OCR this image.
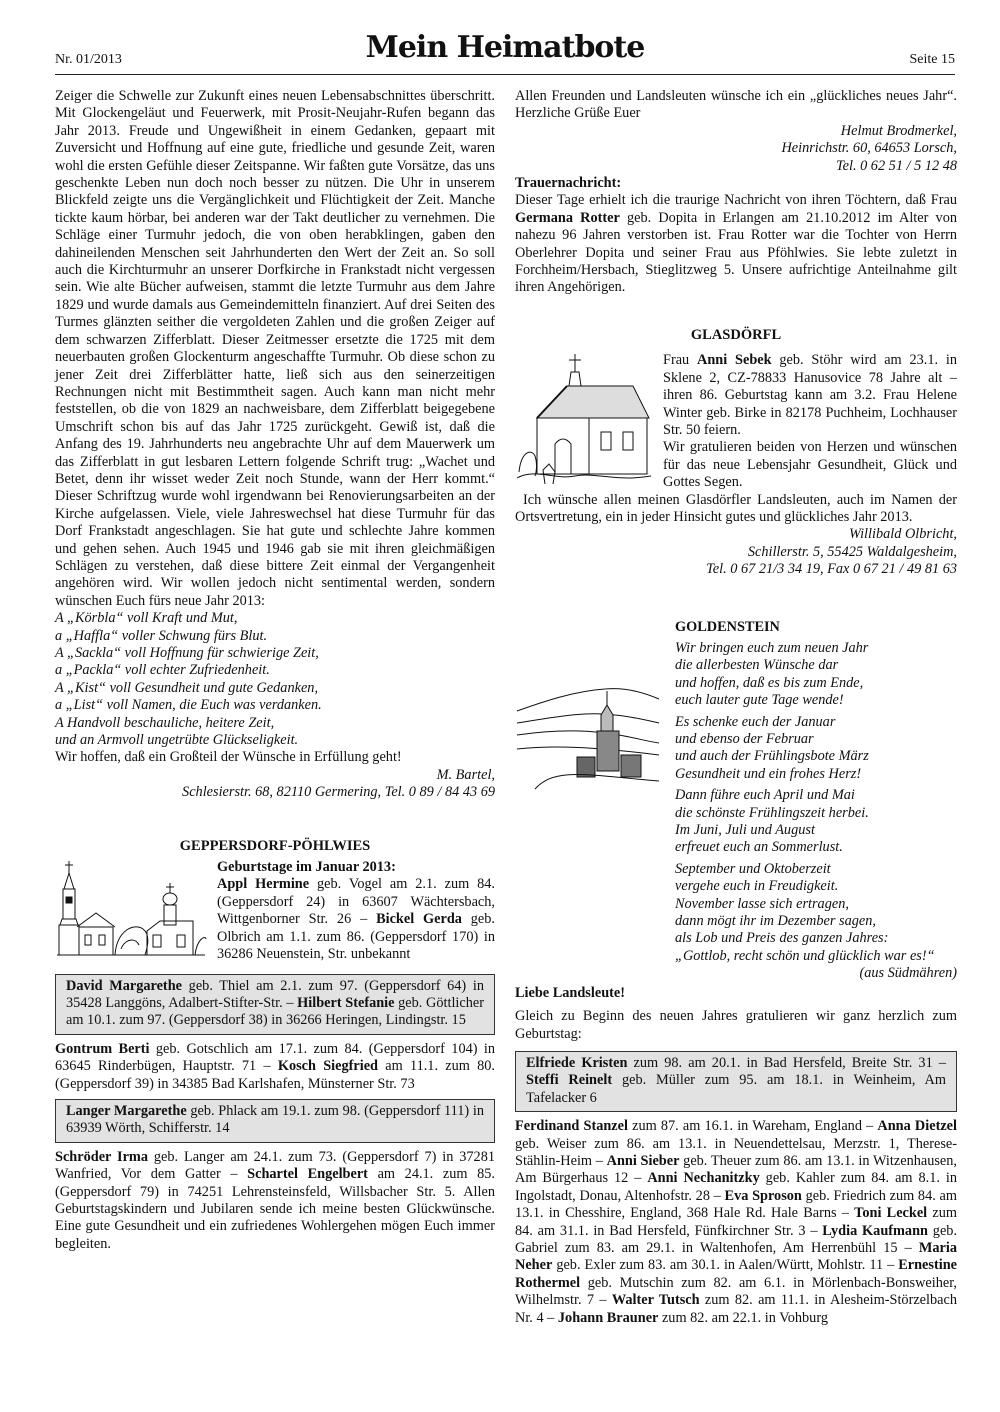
Nr. 01/2013	Mein Heimatbote	Seite 15

Zeiger die Schwelle zur Zukunft eines neuen Lebensabschnittes überschritt. Mit Glockengeläut und Feuerwerk, mit Prosit-Neujahr-Rufen begann das Jahr 2013. Freude und Ungewißheit in einem Gedanken, gepaart mit Zuversicht und Hoffnung auf eine gute, friedliche und gesunde Zeit, waren wohl die ersten Gefühle dieser Zeitspanne. Wir faßten gute Vorsätze, das uns geschenkte Leben nun doch noch besser zu nützen. Die Uhr in unserem Blickfeld zeigte uns die Vergänglichkeit und Flüchtigkeit der Zeit. Manche tickte kaum hörbar, bei anderen war der Takt deutlicher zu vernehmen. Die Schläge einer Turmuhr jedoch, die von oben herabklingen, gaben den dahineilenden Menschen seit Jahrhunderten den Wert der Zeit an. So soll auch die Kirchturmuhr an unserer Dorfkirche in Frankstadt nicht vergessen sein. Wie alte Bücher aufweisen, stammt die letzte Turmuhr aus dem Jahre 1829 und wurde damals aus Gemeindemitteln finanziert. Auf drei Seiten des Turmes glänzten seither die vergoldeten Zahlen und die großen Zeiger auf dem schwarzen Zifferblatt. Dieser Zeitmesser ersetzte die 1725 mit dem neuerbauten großen Glockenturm angeschaffte Turmuhr. Ob diese schon zu jener Zeit drei Zifferblätter hatte, ließ sich aus den seinerzeitigen Rechnungen nicht mit Bestimmtheit sagen. Auch kann man nicht mehr feststellen, ob die von 1829 an nachweisbare, dem Zifferblatt beigegebene Umschrift schon bis auf das Jahr 1725 zurückgeht. Gewiß ist, daß die Anfang des 19. Jahrhunderts neu angebrachte Uhr auf dem Mauerwerk um das Zifferblatt in gut lesbaren Lettern folgende Schrift trug: „Wachet und Betet, denn ihr wisset weder Zeit noch Stunde, wann der Herr kommt.“ Dieser Schriftzug wurde wohl irgendwann bei Renovierungsarbeiten an der Kirche aufgelassen. Viele, viele Jahreswechsel hat diese Turmuhr für das Dorf Frankstadt angeschlagen. Sie hat gute und schlechte Jahre kommen und gehen sehen. Auch 1945 und 1946 gab sie mit ihren gleichmäßigen Schlägen zu verstehen, daß diese bittere Zeit einmal der Vergangenheit angehören wird. Wir wollen jedoch nicht sentimental werden, sondern wünschen Euch fürs neue Jahr 2013:

A „Körbla“ voll Kraft und Mut,
a „Haffla“ voller Schwung fürs Blut.
A „Sackla“ voll Hoffnung für schwierige Zeit,
a „Packla“ voll echter Zufriedenheit.
A „Kist“ voll Gesundheit und gute Gedanken,
a „List“ voll Namen, die Euch was verdanken.
A Handvoll beschauliche, heitere Zeit,
und an Armvoll ungetrübte Glückseligkeit.

Wir hoffen, daß ein Großteil der Wünsche in Erfüllung geht!

M. Bartel,
Schlesierstr. 68, 82110 Germering, Tel. 0 89 / 84 43 69
GEPPERSDORF-PÖHLWIES
Geburtstage im Januar 2013:

Appl Hermine geb. Vogel am 2.1. zum 84. (Geppersdorf 24) in 63607 Wächtersbach, Wittgenborner Str. 26 – Bickel Gerda geb. Olbrich am 1.1. zum 86. (Geppersdorf 170) in 36286 Neuenstein, Str. unbekannt

David Margarethe geb. Thiel am 2.1. zum 97. (Geppersdorf 64) in 35428 Langgöns, Adalbert-Stifter-Str. – Hilbert Stefanie geb. Göttlicher am 10.1. zum 97. (Geppersdorf 38) in 36266 Heringen, Lindingstr. 15

Gontrum Berti geb. Gotschlich am 17.1. zum 84. (Geppersdorf 104) in 63645 Rinderbügen, Hauptstr. 71 – Kosch Siegfried am 11.1. zum 80. (Geppersdorf 39) in 34385 Bad Karlshafen, Münsterner Str. 73

Langer Margarethe geb. Phlack am 19.1. zum 98. (Geppersdorf 111) in 63939 Wörth, Schifferstr. 14

Schröder Irma geb. Langer am 24.1. zum 73. (Geppersdorf 7) in 37281 Wanfried, Vor dem Gatter – Schartel Engelbert am 24.1. zum 85. (Geppersdorf 79) in 74251 Lehrensteinsfeld, Willsbacher Str. 5. Allen Geburtstagskindern und Jubilaren sende ich meine besten Glückwünsche. Eine gute Gesundheit und ein zufriedenes Wohlergehen mögen Euch immer begleiten.

Allen Freunden und Landsleuten wünsche ich ein „glückliches neues Jahr“. Herzliche Grüße Euer

Helmut Brodmerkel,
Heinrichstr. 60, 64653 Lorsch,
Tel. 0 62 51 / 5 12 48
Trauernachricht:

Dieser Tage erhielt ich die traurige Nachricht von ihren Töchtern, daß Frau Germana Rotter geb. Dopita in Erlangen am 21.10.2012 im Alter von nahezu 96 Jahren verstorben ist. Frau Rotter war die Tochter von Herrn Oberlehrer Dopita und seiner Frau aus Pföhlwies. Sie lebte zuletzt in Forchheim/Hersbach, Stieglitzweg 5. Unsere aufrichtige Anteilnahme gilt ihren Angehörigen.

GLASDÖRFL

Frau Anni Sebek geb. Stöhr wird am 23.1. in Sklene 2, CZ-78833 Hanusovice 78 Jahre alt – ihren 86. Geburtstag kann am 3.2. Frau Helene Winter geb. Birke in 82178 Puchheim, Lochhauser Str. 50 feiern.

Wir gratulieren beiden von Herzen und wünschen für das neue Lebensjahr Gesundheit, Glück und Gottes Segen.

Ich wünsche allen meinen Glasdörfler Landsleuten, auch im Namen der Ortsvertretung, ein in jeder Hinsicht gutes und glückliches Jahr 2013.

Willibald Olbricht,
Schillerstr. 5, 55425 Waldalgesheim,
Tel. 0 67 21/3 34 19, Fax 0 67 21 / 49 81 63
GOLDENSTEIN
Wir bringen euch zum neuen Jahr
die allerbesten Wünsche dar
und hoffen, daß es bis zum Ende,
euch lauter gute Tage wende!
Es schenke euch der Januar
und ebenso der Februar
und auch der Frühlingsbote März
Gesundheit und ein frohes Herz!
Dann führe euch April und Mai
die schönste Frühlingszeit herbei.
Im Juni, Juli und August
erfreuet euch an Sommerlust.
September und Oktoberzeit
vergehe euch in Freudigkeit.
November lasse sich ertragen,
dann mögt ihr im Dezember sagen,
als Lob und Preis des ganzen Jahres:
„Gottlob, recht schön und glücklich war es!“
(aus Südmähren)
Liebe Landsleute!

Gleich zu Beginn des neuen Jahres gratulieren wir ganz herzlich zum Geburtstag:

Elfriede Kristen zum 98. am 20.1. in Bad Hersfeld, Breite Str. 31 – Steffi Reinelt geb. Müller zum 95. am 18.1. in Weinheim, Am Tafelacker 6

Ferdinand Stanzel zum 87. am 16.1. in Wareham, England – Anna Dietzel geb. Weiser zum 86. am 13.1. in Neuendettelsau, Merzstr. 1, Therese-Stählin-Heim – Anni Sieber geb. Theuer zum 86. am 13.1. in Witzenhausen, Am Bürgerhaus 12 – Anni Nechanitzky geb. Kahler zum 84. am 8.1. in Ingolstadt, Donau, Altenhofstr. 28 – Eva Sproson geb. Friedrich zum 84. am 13.1. in Chesshire, England, 368 Hale Rd. Hale Barns – Toni Leckel zum 84. am 31.1. in Bad Hersfeld, Fünfkirchner Str. 3 – Lydia Kaufmann geb. Gabriel zum 83. am 29.1. in Waltenhofen, Am Herrenbühl 15 – Maria Neher geb. Exler zum 83. am 30.1. in Aalen/Württ, Mohlstr. 11 – Ernestine Rothermel geb. Mutschin zum 82. am 6.1. in Mörlenbach-Bonsweiher, Wilhelmstr. 7 – Walter Tutsch zum 82. am 11.1. in Alesheim-Störzelbach Nr. 4 – Johann Brauner zum 82. am 22.1. in Vohburg
